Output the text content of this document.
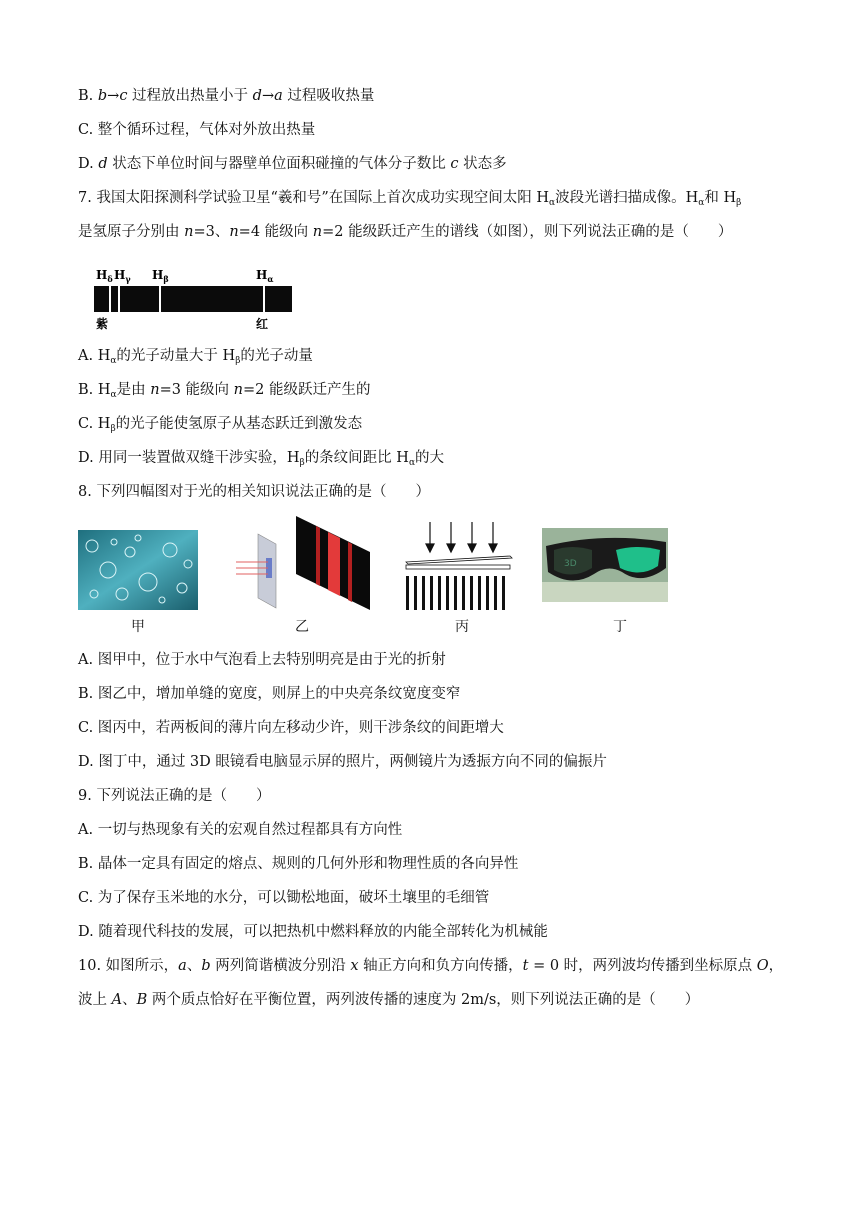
B. b→c 过程放出热量小于 d→a 过程吸收热量
C. 整个循环过程，气体对外放出热量
D. d 状态下单位时间与器壁单位面积碰撞的气体分子数比 c 状态多
7. 我国太阳探测科学试验卫星“羲和号”在国际上首次成功实现空间太阳 $H_\alpha$波段光谱扫描成像。$H_\alpha$和 $H_\beta$
是氢原子分别由 n=3、n=4 能级向 n=2 能级跃迁产生的谱线（如图），则下列说法正确的是（　　）
$H_\delta$ $H_\gamma$ $H_\beta$	$H_\alpha$
紫	红
A. $H_\alpha$的光子动量大于 $H_\beta$的光子动量
B. $H_\alpha$是由 n=3 能级向 n=2 能级跃迁产生的
C. $H_\beta$的光子能使氢原子从基态跃迁到激发态
D. 用同一装置做双缝干涉实验，$H_\beta$的条纹间距比 $H_\alpha$的大
8. 下列四幅图对于光的相关知识说法正确的是（　　）
3D
甲	乙	丙	丁
A. 图甲中，位于水中气泡看上去特别明亮是由于光的折射
B. 图乙中，增加单缝的宽度，则屏上的中央亮条纹宽度变窄
C. 图丙中，若两板间的薄片向左移动少许，则干涉条纹的间距增大
D. 图丁中，通过 3D 眼镜看电脑显示屏的照片，两侧镜片为透振方向不同的偏振片
9. 下列说法正确的是（　　）
A. 一切与热现象有关的宏观自然过程都具有方向性
B. 晶体一定具有固定的熔点、规则的几何外形和物理性质的各向异性
C. 为了保存玉米地的水分，可以锄松地面，破坏土壤里的毛细管
D. 随着现代科技的发展，可以把热机中燃料释放的内能全部转化为机械能
10. 如图所示，a、b 两列简谐横波分别沿 x 轴正方向和负方向传播，t = 0 时，两列波均传播到坐标原点 O，
波上 A、B 两个质点恰好在平衡位置，两列波传播的速度为 2m/s，则下列说法正确的是（　　）
